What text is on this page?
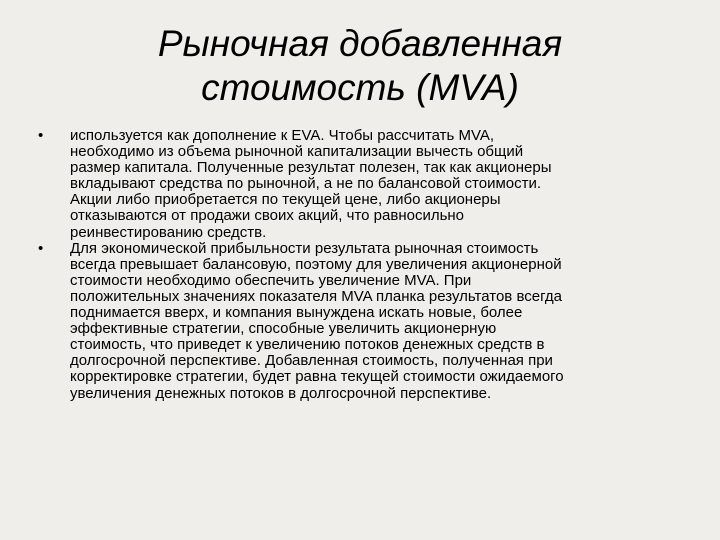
Рыночная добавленная
стоимость (MVA)
• используется как дополнение к EVA. Чтобы рассчитать MVA,
необходимо из объема рыночной капитализации вычесть общий
размер капитала. Полученные результат полезен, так как акционеры
вкладывают средства по рыночной, а не по балансовой стоимости.
Акции либо приобретается по текущей цене, либо акционеры
отказываются от продажи своих акций, что равносильно
реинвестированию средств.
• Для экономической прибыльности результата рыночная стоимость
всегда превышает балансовую, поэтому для увеличения акционерной
стоимости необходимо обеспечить увеличение MVA. При
положительных значениях показателя MVA планка результатов всегда
поднимается вверх, и компания вынуждена искать новые, более
эффективные стратегии, способные увеличить акционерную
стоимость, что приведет к увеличению потоков денежных средств в
долгосрочной перспективе. Добавленная стоимость, полученная при
корректировке стратегии, будет равна текущей стоимости ожидаемого
увеличения денежных потоков в долгосрочной перспективе.
